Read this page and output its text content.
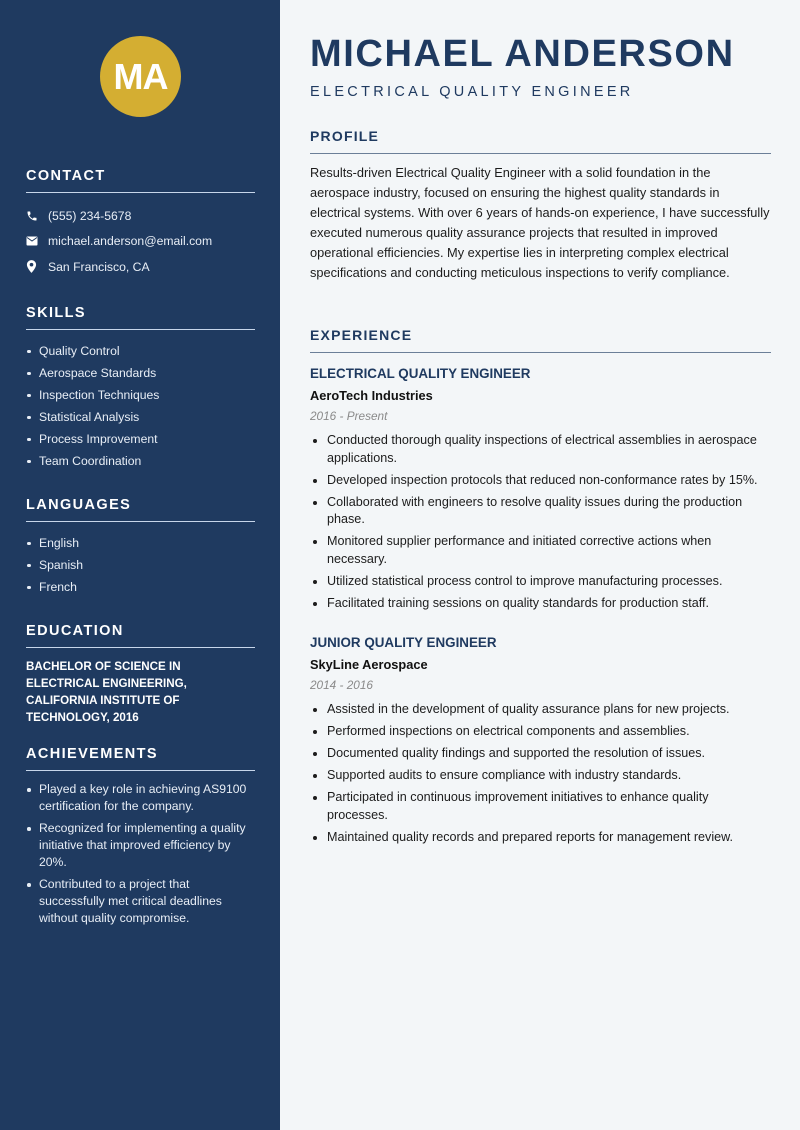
MA
CONTACT
(555) 234-5678
michael.anderson@email.com
San Francisco, CA
SKILLS
Quality Control
Aerospace Standards
Inspection Techniques
Statistical Analysis
Process Improvement
Team Coordination
LANGUAGES
English
Spanish
French
EDUCATION

BACHELOR OF SCIENCE IN ELECTRICAL ENGINEERING, CALIFORNIA INSTITUTE OF TECHNOLOGY, 2016

ACHIEVEMENTS
Played a key role in achieving AS9100 certification for the company.
Recognized for implementing a quality initiative that improved efficiency by 20%.
Contributed to a project that successfully met critical deadlines without quality compromise.
MICHAEL ANDERSON
ELECTRICAL QUALITY ENGINEER
PROFILE

Results-driven Electrical Quality Engineer with a solid foundation in the aerospace industry, focused on ensuring the highest quality standards in electrical systems. With over 6 years of hands-on experience, I have successfully executed numerous quality assurance projects that resulted in improved operational efficiencies. My expertise lies in interpreting complex electrical specifications and conducting meticulous inspections to verify compliance.

EXPERIENCE
ELECTRICAL QUALITY ENGINEER
AeroTech Industries
2016 - Present
Conducted thorough quality inspections of electrical assemblies in aerospace applications.
Developed inspection protocols that reduced non-conformance rates by 15%.
Collaborated with engineers to resolve quality issues during the production phase.
Monitored supplier performance and initiated corrective actions when necessary.
Utilized statistical process control to improve manufacturing processes.
Facilitated training sessions on quality standards for production staff.
JUNIOR QUALITY ENGINEER
SkyLine Aerospace
2014 - 2016
Assisted in the development of quality assurance plans for new projects.
Performed inspections on electrical components and assemblies.
Documented quality findings and supported the resolution of issues.
Supported audits to ensure compliance with industry standards.
Participated in continuous improvement initiatives to enhance quality processes.
Maintained quality records and prepared reports for management review.
